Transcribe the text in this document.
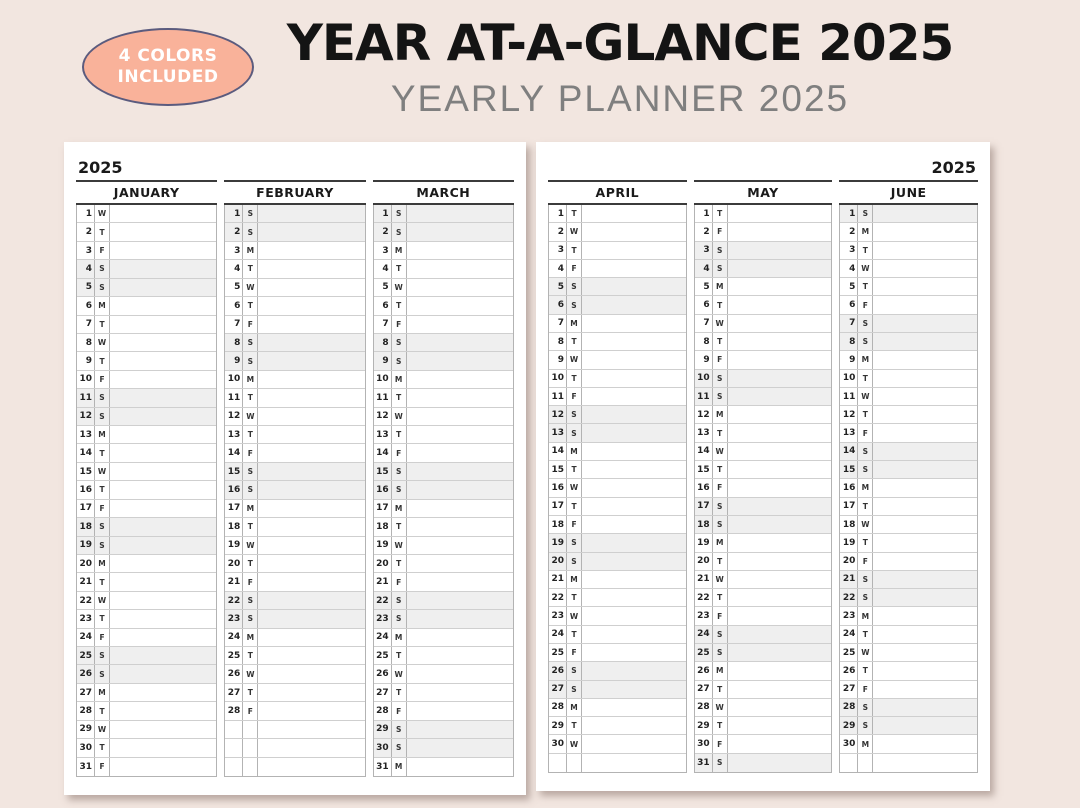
4 COLORS
INCLUDED
YEAR AT-A-GLANCE 2025
YEARLY PLANNER 2025
2025
JANUARY
1 W
2 T
3 F
4 S
5 S
6 M
7 T
8 W
9 T
10 F
11 S
12 S
13 M
14 T
15 W
16 T
17 F
18 S
19 S
20 M
21 T
22 W
23 T
24 F
25 S
26 S
27 M
28 T
29 W
30 T
31 F
FEBRUARY
1 S
2 S
3 M
4 T
5 W
6 T
7 F
8 S
9 S
10 M
11 T
12 W
13 T
14 F
15 S
16 S
17 M
18 T
19 W
20 T
21 F
22 S
23 S
24 M
25 T
26 W
27 T
28 F
MARCH
1 S
2 S
3 M
4 T
5 W
6 T
7 F
8 S
9 S
10 M
11 T
12 W
13 T
14 F
15 S
16 S
17 M
18 T
19 W
20 T
21 F
22 S
23 S
24 M
25 T
26 W
27 T
28 F
29 S
30 S
31 M
2025
APRIL
1 T
2 W
3 T
4 F
5 S
6 S
7 M
8 T
9 W
10 T
11 F
12 S
13 S
14 M
15 T
16 W
17 T
18 F
19 S
20 S
21 M
22 T
23 W
24 T
25 F
26 S
27 S
28 M
29 T
30 W
MAY
1 T
2 F
3 S
4 S
5 M
6 T
7 W
8 T
9 F
10 S
11 S
12 M
13 T
14 W
15 T
16 F
17 S
18 S
19 M
20 T
21 W
22 T
23 F
24 S
25 S
26 M
27 T
28 W
29 T
30 F
31 S
JUNE
1 S
2 M
3 T
4 W
5 T
6 F
7 S
8 S
9 M
10 T
11 W
12 T
13 F
14 S
15 S
16 M
17 T
18 W
19 T
20 F
21 S
22 S
23 M
24 T
25 W
26 T
27 F
28 S
29 S
30 M
